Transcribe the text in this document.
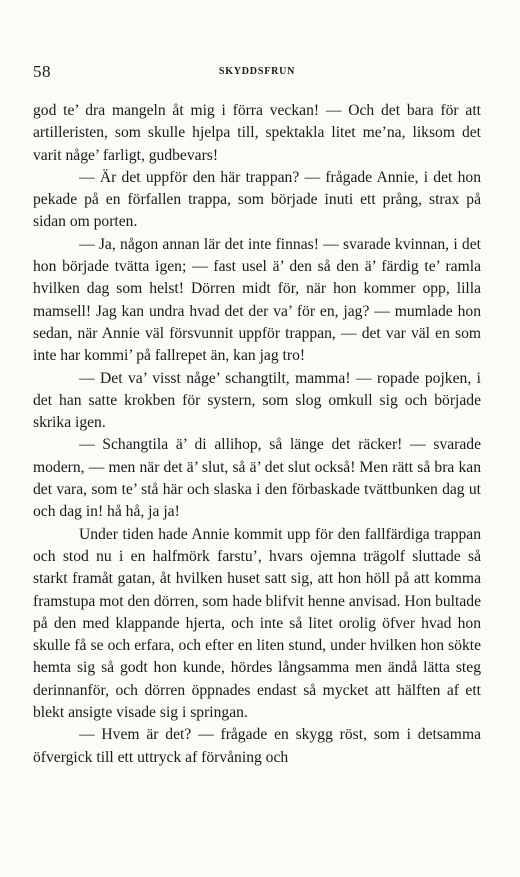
58	SKYDDSFRUN

god te’ dra mangeln åt mig i förra veckan! — Och det bara för att artilleristen, som skulle hjelpa till, spektakla litet me’na, liksom det varit någe’ farligt, gudbevars!

— Är det uppför den här trappan? — frågade Annie, i det hon pekade på en förfallen trappa, som började inuti ett prång, strax på sidan om porten.

— Ja, någon annan lär det inte finnas! — svarade kvinnan, i det hon började tvätta igen; — fast usel ä’ den så den ä’ färdig te’ ramla hvilken dag som helst! Dörren midt för, när hon kommer opp, lilla mamsell! Jag kan undra hvad det der va’ för en, jag? — mumlade hon sedan, när Annie väl försvunnit uppför trappan, — det var väl en som inte har kommi’ på fallrepet än, kan jag tro!

— Det va’ visst någe’ schangtilt, mamma! — ropade pojken, i det han satte krokben för systern, som slog omkull sig och började skrika igen.

— Schangtila ä’ di allihop, så länge det räcker! — svarade modern, — men när det ä’ slut, så ä’ det slut också! Men rätt så bra kan det vara, som te’ stå här och slaska i den förbaskade tvättbunken dag ut och dag in! hå hå, ja ja!

Under tiden hade Annie kommit upp för den fallfärdiga trappan och stod nu i en halfmörk farstu’, hvars ojemna trägolf sluttade så starkt framåt gatan, åt hvilken huset satt sig, att hon höll på att komma framstupa mot den dörren, som hade blifvit henne anvisad. Hon bultade på den med klappande hjerta, och inte så litet orolig öfver hvad hon skulle få se och erfara, och efter en liten stund, under hvilken hon sökte hemta sig så godt hon kunde, hördes långsamma men ändå lätta steg derinnanför, och dörren öppnades endast så mycket att hälften af ett blekt ansigte visade sig i springan.

— Hvem är det? — frågade en skygg röst, som i detsamma öfvergick till ett uttryck af förvåning och
